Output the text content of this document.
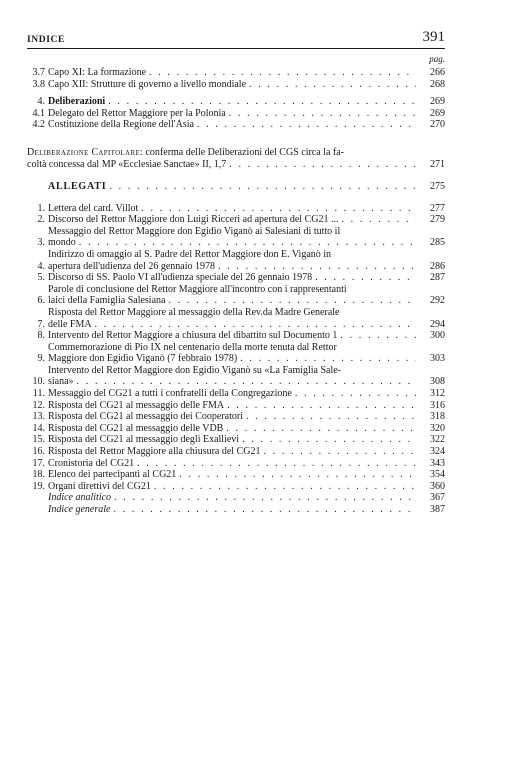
INDICE	391
pag.
3.7 Capo XI: La formazione . . .	266
3.8 Capo XII: Strutture di governo a livello mondiale . . .	268
4. Deliberazioni . . .	269
4.1 Delegato del Rettor Maggiore per la Polonia . . .	269
4.2 Costituzione della Regione dell'Asia . . .	270
Deliberazione Capitolare: conferma delle Deliberazioni del CGS circa la fa-
coltà concessa dal MP «Ecclesiae Sanctae» II, 1,7 . . .	271
ALLEGATI . . .	275
1. Lettera del card. Villot . . .	277
2. Discorso del Rettor Maggiore don Luigi Ricceri ad apertura del CG21 ... . . .	279
3.
Messaggio del Rettor Maggiore don Egidio Viganò ai Salesiani di tutto il
mondo . . .	285
4.
Indirizzo di omaggio al S. Padre del Rettor Maggiore don E. Viganò in
apertura dell'udienza del 26 gennaio 1978 . . .	286
5. Discorso di SS. Paolo VI all'udienza speciale del 26 gennaio 1978 . . .	287
6.
Parole di conclusione del Rettor Maggiore all'incontro con i rappresentanti
laici della Famiglia Salesiana . . .	292
7.
Risposta del Rettor Maggiore al messaggio della Rev.da Madre Generale
delle FMA . . .	294
8. Intervento del Rettor Maggiore a chiusura del dibattito sul Documento 1 . . .	300
9.
Commemorazione di Pio IX nel centenario della morte tenuta dal Rettor
Maggiore don Egidio Viganò (7 febbraio 1978) . . .	303
10.
Intervento del Rettor Maggiore don Egidio Viganò su «La Famiglia Sale-
siana» . . .	308
11. Messaggio del CG21 a tutti i confratelli della Congregazione . . .	312
12. Risposta del CG21 al messaggio delle FMA . . .	316
13. Risposta del CG21 al messaggio dei Cooperatori . . .	318
14. Risposta del CG21 al messaggio delle VDB . . .	320
15. Risposta del CG21 al messaggio degli Exallievi . . .	322
16. Risposta del Rettor Maggiore alla chiusura del CG21 . . .	324
17. Cronistoria del CG21 . . .	343
18. Elenco dei partecipanti al CG21 . . .	354
19. Organi direttivi del CG21 . . .	360
Indice analitico . . .	367
Indice generale . . .	387
